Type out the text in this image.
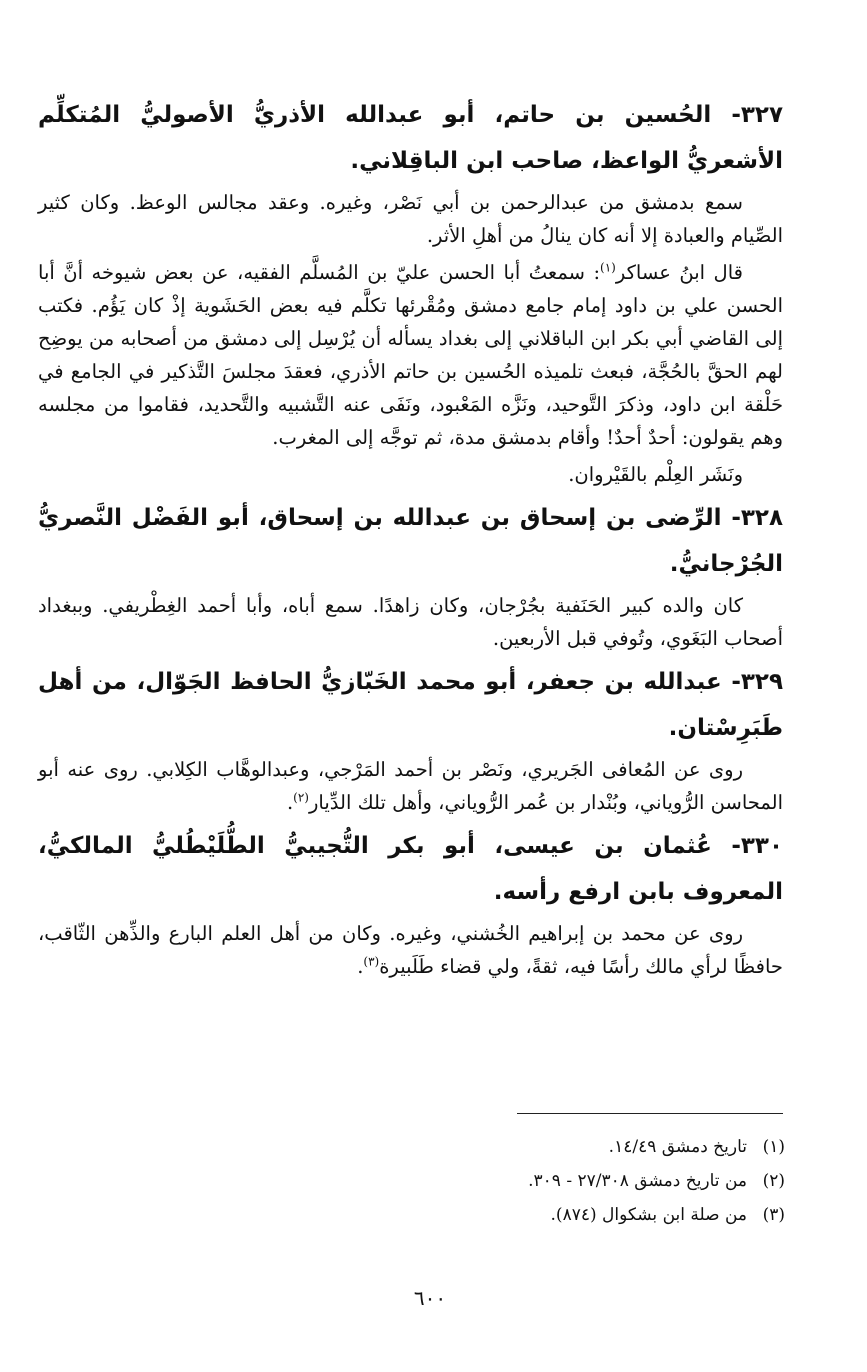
٣٢٧- الحُسين بن حاتم، أبو عبدالله الأذريُّ الأصوليُّ المُتكلِّم الأشعريُّ الواعظ، صاحب ابن الباقِلاني.

سمع بدمشق من عبدالرحمن بن أبي نَصْر، وغيره. وعقد مجالس الوعظ. وكان كثير الصِّيام والعبادة إلا أنه كان ينالُ من أهلِ الأثر.

قال ابنُ عساكر$^{(١)}$: سمعتُ أبا الحسن عليّ بن المُسلَّم الفقيه، عن بعض شيوخه أنَّ أبا الحسن علي بن داود إمام جامع دمشق ومُقْرئها تكلَّم فيه بعض الحَشَوية إذْ كان يَؤُم. فكتب إلى القاضي أبي بكر ابن الباقلاني إلى بغداد يسأله أن يُرْسِل إلى دمشق من أصحابه من يوضِح لهم الحقَّ بالحُجَّة، فبعث تلميذه الحُسين بن حاتم الأذري، فعقدَ مجلسَ التَّذكير في الجامع في حَلْقة ابن داود، وذكرَ التَّوحيد، ونَزَّه المَعْبود، ونَفَى عنه التَّشبيه والتَّحديد، فقاموا من مجلسه وهم يقولون: أحدٌ أحدٌ! وأقام بدمشق مدة، ثم توجَّه إلى المغرب.

ونَشَر العِلْم بالقَيْروان.

٣٢٨- الرِّضى بن إسحاق بن عبدالله بن إسحاق، أبو الفَضْل النَّصريُّ الجُرْجانيُّ.

كان والده كبير الحَنَفية بجُرْجان، وكان زاهدًا. سمع أباه، وأبا أحمد الغِطْريفي. وببغداد أصحاب البَغَوي، وتُوفي قبل الأربعين.

٣٢٩- عبدالله بن جعفر، أبو محمد الخَبّازيُّ الحافظ الجَوّال، من أهل طَبَرِسْتان.

روى عن المُعافى الجَريري، ونَصْر بن أحمد المَرْجي، وعبدالوهَّاب الكِلابي. روى عنه أبو المحاسن الرُّوياني، وبُنْدار بن عُمر الرُّوياني، وأهل تلك الدِّيار$^{(٢)}$.

٣٣٠- عُثمان بن عيسى، أبو بكر التُّجيبيُّ الطُّلَيْطُليُّ المالكيُّ، المعروف بابن ارفع رأسه.

روى عن محمد بن إبراهيم الخُشني، وغيره. وكان من أهل العلم البارع والذِّهن الثّاقب، حافظًا لرأي مالك رأسًا فيه، ثقةً، ولي قضاء طَلَبيرة$^{(٣)}$.

(١)تاريخ دمشق ١٤/٤٩.
(٢)من تاريخ دمشق ٢٧/٣٠٨ - ٣٠٩.
(٣)من صلة ابن بشكوال (٨٧٤).
٦٠٠
